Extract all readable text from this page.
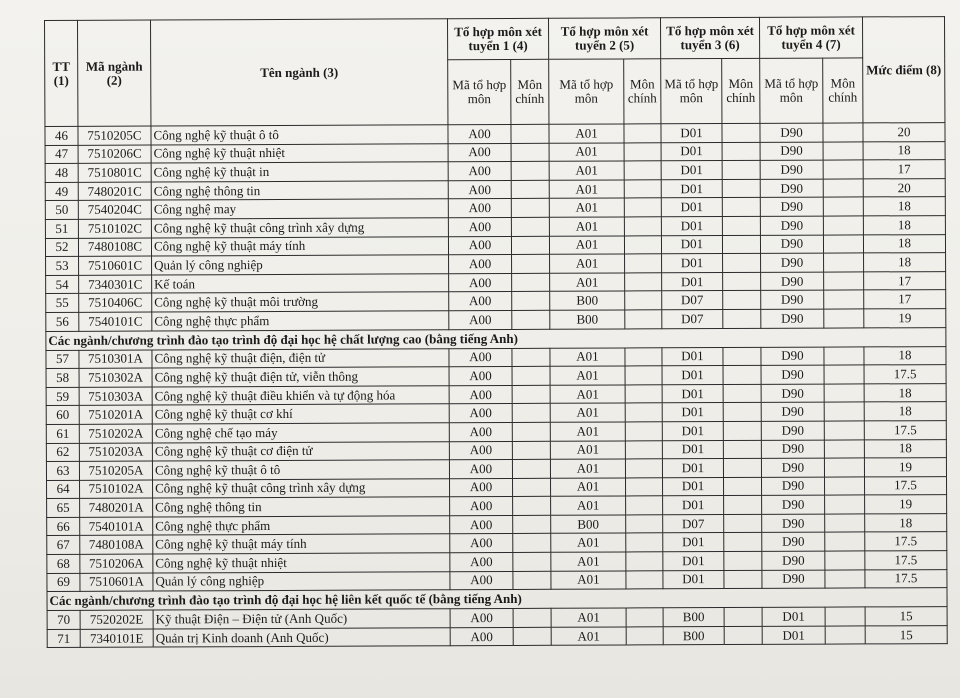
TT (1)	Mã ngành (2)	Tên ngành (3)	Tổ hợp môn xét tuyển 1 (4)		Tổ hợp môn xét tuyển 2 (5)		Tổ hợp môn xét tuyển 3 (6)		Tổ hợp môn xét tuyển 4 (7)		Mức điểm (8)
			Mã tổ hợp môn	Môn chính	Mã tổ hợp môn	Môn chính	Mã tổ hợp môn	Môn chính	Mã tổ hợp môn	Môn chính	
46	7510205C	Công nghệ kỹ thuật ô tô	A00		A01		D01		D90		20
47	7510206C	Công nghệ kỹ thuật nhiệt	A00		A01		D01		D90		18
48	7510801C	Công nghệ kỹ thuật in	A00		A01		D01		D90		17
49	7480201C	Công nghệ thông tin	A00		A01		D01		D90		20
50	7540204C	Công nghệ may	A00		A01		D01		D90		18
51	7510102C	Công nghệ kỹ thuật công trình xây dựng	A00		A01		D01		D90		18
52	7480108C	Công nghệ kỹ thuật máy tính	A00		A01		D01		D90		18
53	7510601C	Quản lý công nghiệp	A00		A01		D01		D90		18
54	7340301C	Kế toán	A00		A01		D01		D90		17
55	7510406C	Công nghệ kỹ thuật môi trường	A00		B00		D07		D90		17
56	7540101C	Công nghệ thực phẩm	A00		B00		D07		D90		19
Các ngành/chương trình đào tạo trình độ đại học hệ chất lượng cao (bằng tiếng Anh)											
57	7510301A	Công nghệ kỹ thuật điện, điện tử	A00		A01		D01		D90		18
58	7510302A	Công nghệ kỹ thuật điện tử, viễn thông	A00		A01		D01		D90		17.5
59	7510303A	Công nghệ kỹ thuật điều khiển và tự động hóa	A00		A01		D01		D90		18
60	7510201A	Công nghệ kỹ thuật cơ khí	A00		A01		D01		D90		18
61	7510202A	Công nghệ chế tạo máy	A00		A01		D01		D90		17.5
62	7510203A	Công nghệ kỹ thuật cơ điện tử	A00		A01		D01		D90		18
63	7510205A	Công nghệ kỹ thuật ô tô	A00		A01		D01		D90		19
64	7510102A	Công nghệ kỹ thuật công trình xây dựng	A00		A01		D01		D90		17.5
65	7480201A	Công nghệ thông tin	A00		A01		D01		D90		19
66	7540101A	Công nghệ thực phẩm	A00		B00		D07		D90		18
67	7480108A	Công nghệ kỹ thuật máy tính	A00		A01		D01		D90		17.5
68	7510206A	Công nghệ kỹ thuật nhiệt	A00		A01		D01		D90		17.5
69	7510601A	Quản lý công nghiệp	A00		A01		D01		D90		17.5
Các ngành/chương trình đào tạo trình độ đại học hệ liên kết quốc tế (bằng tiếng Anh)											
70	7520202E	Kỹ thuật Điện – Điện tử (Anh Quốc)	A00		A01		B00		D01		15
71	7340101E	Quản trị Kinh doanh (Anh Quốc)	A00		A01		B00		D01		15
